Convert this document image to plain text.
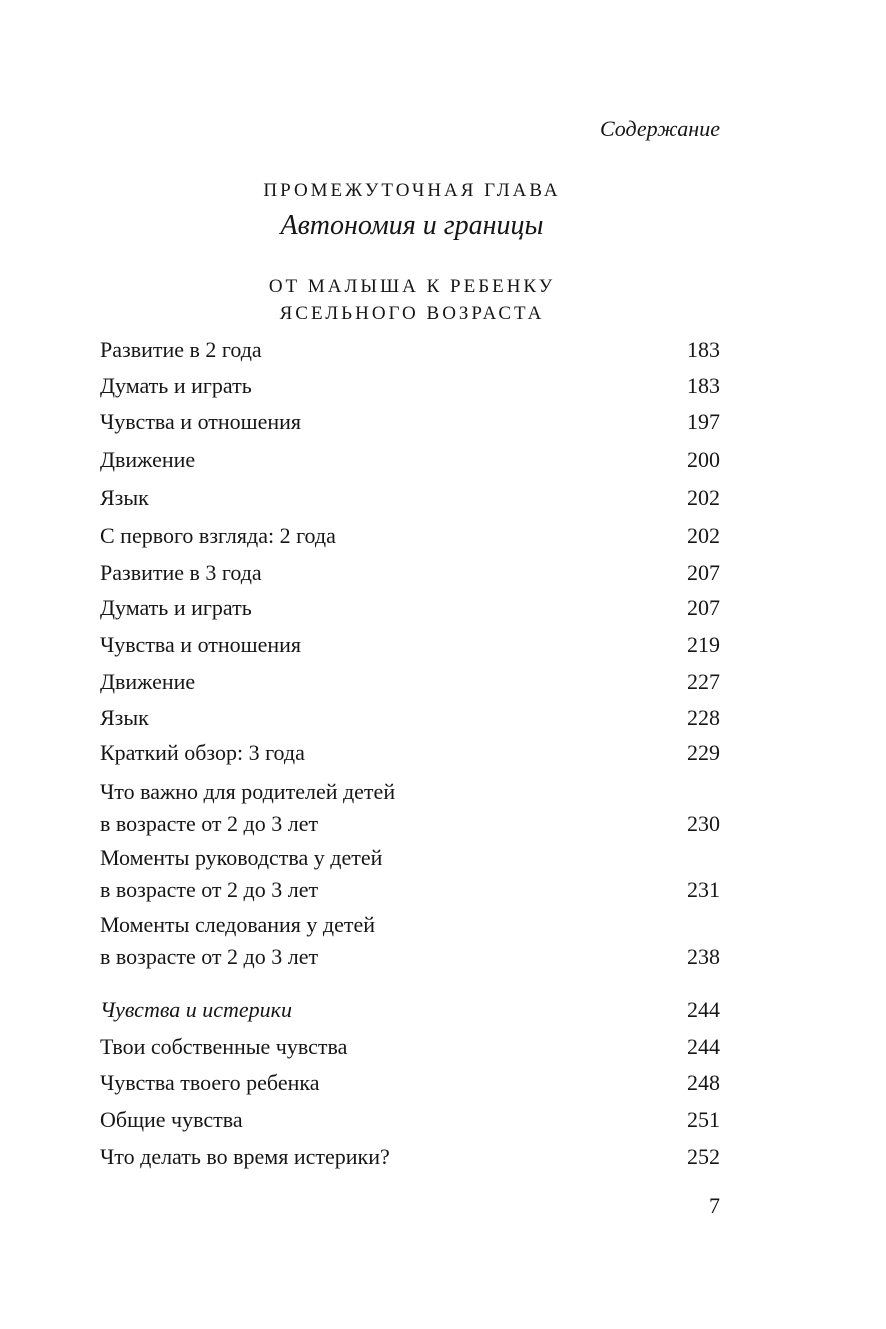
Содержание
ПРОМЕЖУТОЧНАЯ ГЛАВА
Автономия и границы
ОТ МАЛЫША К РЕБЕНКУ
ЯСЕЛЬНОГО ВОЗРАСТА
Развитие в 2 года	183
Думать и играть	183
Чувства и отношения	197
Движение	200
Язык	202
С первого взгляда: 2 года	202
Развитие в 3 года	207
Думать и играть	207
Чувства и отношения	219
Движение	227
Язык	228
Краткий обзор: 3 года	229
Что важно для родителей детей
в возрасте от 2 до 3 лет	230
Моменты руководства у детей
в возрасте от 2 до 3 лет	231
Моменты следования у детей
в возрасте от 2 до 3 лет	238
Чувства и истерики	244
Твои собственные чувства	244
Чувства твоего ребенка	248
Общие чувства	251
Что делать во время истерики?	252
7
